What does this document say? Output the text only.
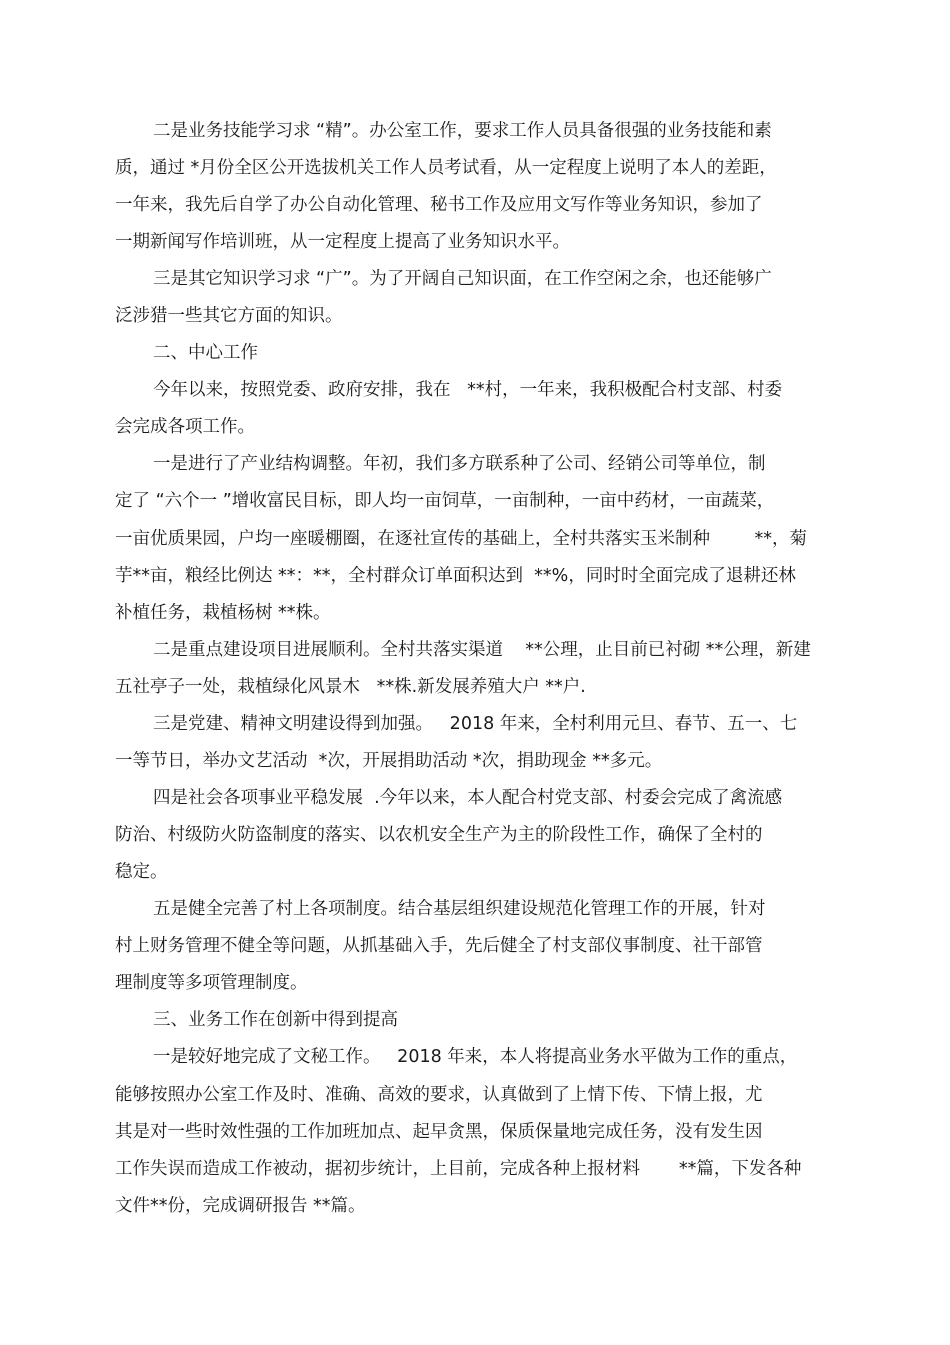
二是业务技能学习求 “精”。办公室工作，要求工作人员具备很强的业务技能和素
质，通过 *月份全区公开选拔机关工作人员考试看，从一定程度上说明了本人的差距，
一年来，我先后自学了办公自动化管理、秘书工作及应用文写作等业务知识，参加了
一期新闻写作培训班，从一定程度上提高了业务知识水平。
三是其它知识学习求 “广”。为了开阔自己知识面，在工作空闲之余，也还能够广
泛涉猎一些其它方面的知识。
二、中心工作
今年以来，按照党委、政府安排，我在   **村，一年来，我积极配合村支部、村委
会完成各项工作。
一是进行了产业结构调整。年初，我们多方联系种了公司、经销公司等单位，制
定了 “六个一 ”增收富民目标，即人均一亩饲草，一亩制种，一亩中药材，一亩蔬菜，
一亩优质果园，户均一座暖棚圈，在逐社宣传的基础上，全村共落实玉米制种        **，菊
芋**亩，粮经比例达 **：**，全村群众订单面积达到  **%，同时时全面完成了退耕还林
补植任务，栽植杨树 **株。
二是重点建设项目进展顺利。全村共落实渠道    **公理，止目前已衬砌 **公理，新建
五社亭子一处，栽植绿化风景木   **株.新发展养殖大户 **户.
三是党建、精神文明建设得到加强。   2018 年来，全村利用元旦、春节、五一、七
一等节日，举办文艺活动  *次，开展捐助活动 *次，捐助现金 **多元。
四是社会各项事业平稳发展  .今年以来，本人配合村党支部、村委会完成了禽流感
防治、村级防火防盗制度的落实、以农机安全生产为主的阶段性工作，确保了全村的
稳定。
五是健全完善了村上各项制度。结合基层组织建设规范化管理工作的开展，针对
村上财务管理不健全等问题，从抓基础入手，先后健全了村支部仪事制度、社干部管
理制度等多项管理制度。
三、业务工作在创新中得到提高
一是较好地完成了文秘工作。   2018 年来，本人将提高业务水平做为工作的重点，
能够按照办公室工作及时、准确、高效的要求，认真做到了上情下传、下情上报，尤
其是对一些时效性强的工作加班加点、起早贪黑，保质保量地完成任务，没有发生因
工作失误而造成工作被动，据初步统计，上目前，完成各种上报材料       **篇，下发各种
文件**份，完成调研报告 **篇。
